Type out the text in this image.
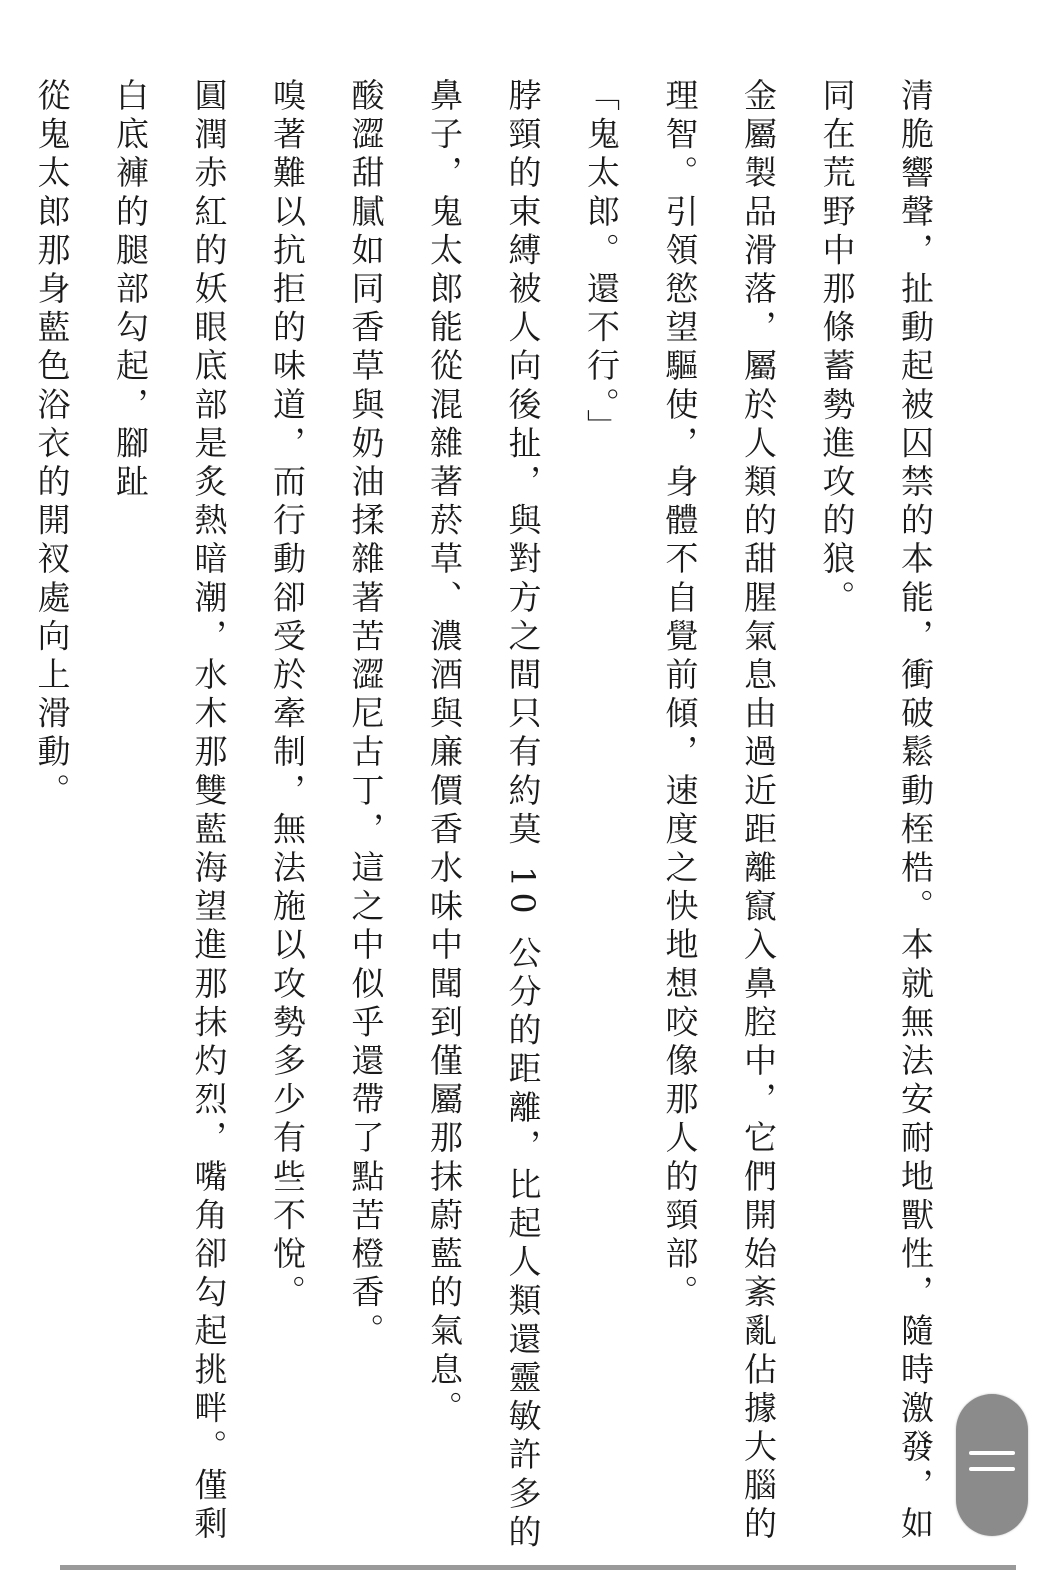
清脆響聲，扯動起被囚禁的本能，衝破鬆動桎梏。本就無法安耐地獸性，隨時激發，如同在荒野中那條蓄勢進攻的狼。

金屬製品滑落，屬於人類的甜腥氣息由過近距離竄入鼻腔中，它們開始紊亂佔據大腦的理智。引領慾望驅使，身體不自覺前傾，速度之快地想咬像那人的頸部。

「鬼太郎。還不行。」

脖頸的束縛被人向後扯，與對方之間只有約莫 10 公分的距離，比起人類還靈敏許多的鼻子，鬼太郎能從混雜著菸草、濃酒與廉價香水味中聞到僅屬那抹蔚藍的氣息。

酸澀甜膩如同香草與奶油揉雜著苦澀尼古丁，這之中似乎還帶了點苦橙香。

嗅著難以抗拒的味道，而行動卻受於牽制，無法施以攻勢多少有些不悅。

圓潤赤紅的妖眼底部是炙熱暗潮，水木那雙藍海望進那抹灼烈，嘴角卻勾起挑畔。僅剩白底褲的腿部勾起，腳趾

從鬼太郎那身藍色浴衣的開衩處向上滑動。
